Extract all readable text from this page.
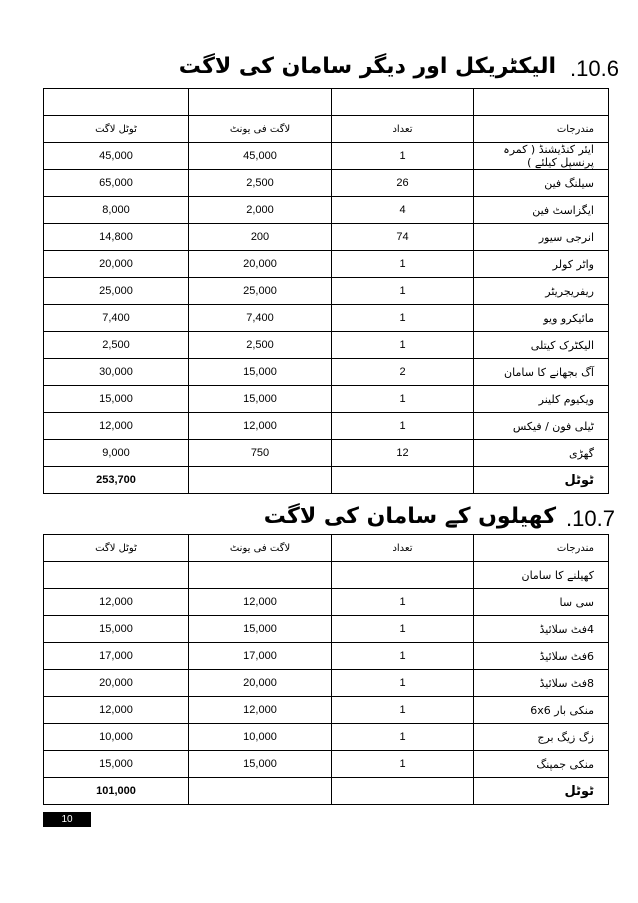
.10.6
الیکٹریکل اور دیگر سامان کی لاگت

ٹوٹل لاگت	لاگت فی یونٹ	تعداد	مندرجات
45,000	45,000	1	ایئر کنڈیشنڈ ( کمرہ پرنسپل کیلئے )
65,000	2,500	26	سیلنگ فین
8,000	2,000	4	ایگزاسٹ فین
14,800	200	74	انرجی سیور
20,000	20,000	1	واٹر کولر
25,000	25,000	1	ریفریجریٹر
7,400	7,400	1	مائیکرو ویو
2,500	2,500	1	الیکٹرک کیتلی
30,000	15,000	2	آگ بجھانے کا سامان
15,000	15,000	1	ویکیوم کلینر
12,000	12,000	1	ٹیلی فون / فیکس
9,000	750	12	گھڑی
253,700			ٹوٹل
.10.7
کھیلوں کے سامان کی لاگت
ٹوٹل لاگت	لاگت فی یونٹ	تعداد	مندرجات
			کھیلنے کا سامان
12,000	12,000	1	سی سا
15,000	15,000	1	4فٹ سلائیڈ
17,000	17,000	1	6فٹ سلائیڈ
20,000	20,000	1	8فٹ سلائیڈ
12,000	12,000	1	منکی بار 6x6
10,000	10,000	1	زگ زیگ برج
15,000	15,000	1	منکی جمپنگ
101,000			ٹوٹل
10
